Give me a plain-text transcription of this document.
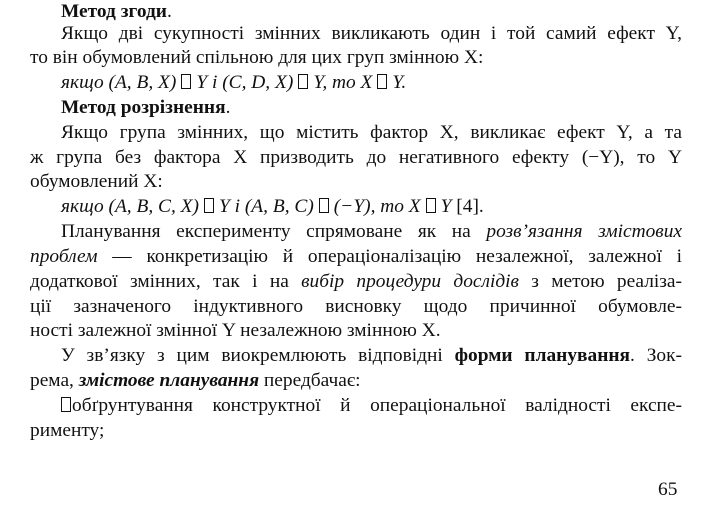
Метод згоди.
Якщо дві сукупності змінних викликають один і той самий ефект Y,
то він обумовлений спільною для цих груп змінною X:
якщо (A, B, X) Y і (C, D, X) Y, то X Y.
Метод розрізнення.
Якщо група змінних, що містить фактор X, викликає ефект Y, а та
ж група без фактора X призводить до негативного ефекту (−Y), то Y
обумовлений X:
якщо (A, B, C, X) Y і (A, B, C) (−Y), то X Y [4].
Планування експерименту спрямоване як на розв’язання змістових
проблем — конкретизацію й операціоналізацію незалежної, залежної і
додаткової змінних, так і на вибір процедури дослідів з метою реаліза-
ції зазначеного індуктивного висновку щодо причинної обумовле-
ності залежної змінної Y незалежною змінною X.
У зв’язку з цим виокремлюють відповідні форми планування. Зок-
рема, змістове планування передбачає:
обґрунтування конструктної й операціональної валідності експе-
рименту;
65
